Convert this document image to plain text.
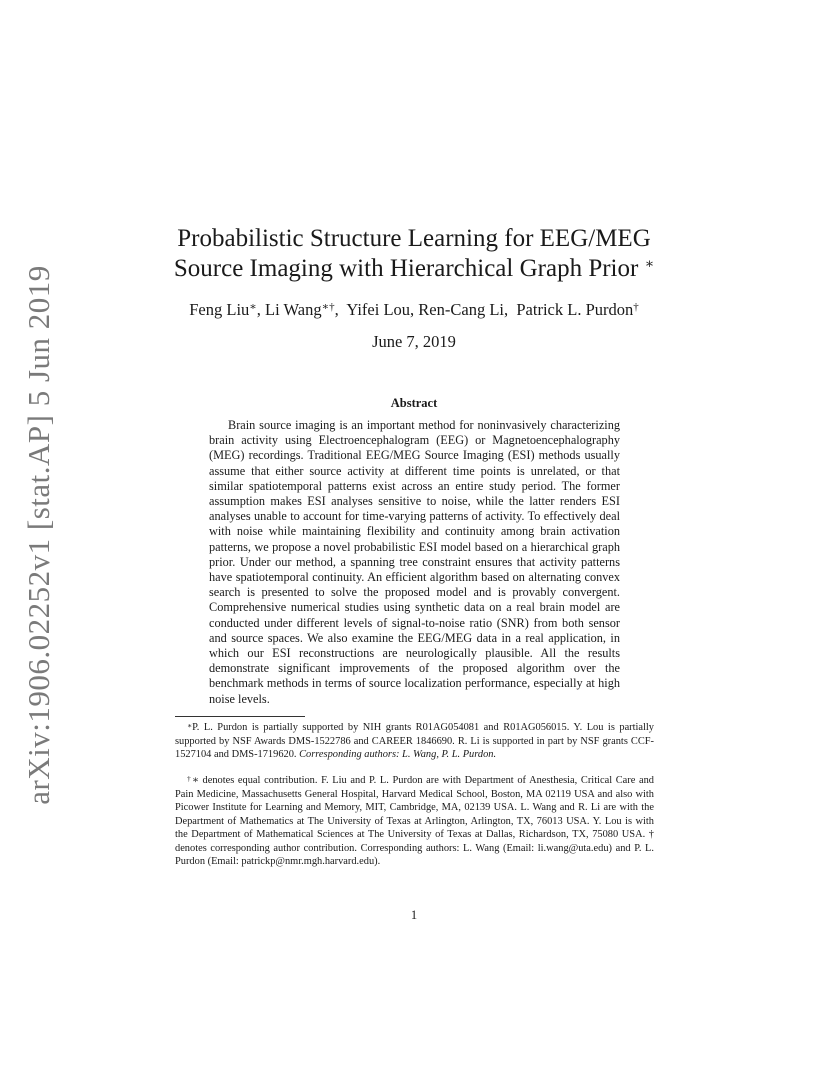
arXiv:1906.02252v1 [stat.AP] 5 Jun 2019
Probabilistic Structure Learning for EEG/MEG
Source Imaging with Hierarchical Graph Prior ∗
Feng Liu∗, Li Wang∗†,  Yifei Lou, Ren-Cang Li,  Patrick L. Purdon†
June 7, 2019
Abstract

Brain source imaging is an important method for noninvasively characterizing brain activity using Electroencephalogram (EEG) or Magnetoencephalography (MEG) recordings. Traditional EEG/MEG Source Imaging (ESI) methods usually assume that either source activity at different time points is unrelated, or that similar spatiotemporal patterns exist across an entire study period. The former assumption makes ESI analyses sensitive to noise, while the latter renders ESI analyses unable to account for time-varying patterns of activity. To effectively deal with noise while maintaining flexibility and continuity among brain activation patterns, we propose a novel probabilistic ESI model based on a hierarchical graph prior. Under our method, a spanning tree constraint ensures that activity patterns have spatiotemporal continuity. An efficient algorithm based on alternating convex search is presented to solve the proposed model and is provably convergent. Comprehensive numerical studies using synthetic data on a real brain model are conducted under different levels of signal-to-noise ratio (SNR) from both sensor and source spaces. We also examine the EEG/MEG data in a real application, in which our ESI reconstructions are neurologically plausible. All the results demonstrate significant improvements of the proposed algorithm over the benchmark methods in terms of source localization performance, especially at high noise levels.

∗P. L. Purdon is partially supported by NIH grants R01AG054081 and R01AG056015. Y. Lou is partially supported by NSF Awards DMS-1522786 and CAREER 1846690. R. Li is supported in part by NSF grants CCF-1527104 and DMS-1719620. Corresponding authors: L. Wang, P. L. Purdon.

†∗ denotes equal contribution. F. Liu and P. L. Purdon are with Department of Anesthesia, Critical Care and Pain Medicine, Massachusetts General Hospital, Harvard Medical School, Boston, MA 02119 USA and also with Picower Institute for Learning and Memory, MIT, Cambridge, MA, 02139 USA. L. Wang and R. Li are with the Department of Mathematics at The University of Texas at Arlington, Arlington, TX, 76013 USA. Y. Lou is with the Department of Mathematical Sciences at The University of Texas at Dallas, Richardson, TX, 75080 USA. † denotes corresponding author contribution. Corresponding authors: L. Wang (Email: li.wang@uta.edu) and P. L. Purdon (Email: patrickp@nmr.mgh.harvard.edu).

1
